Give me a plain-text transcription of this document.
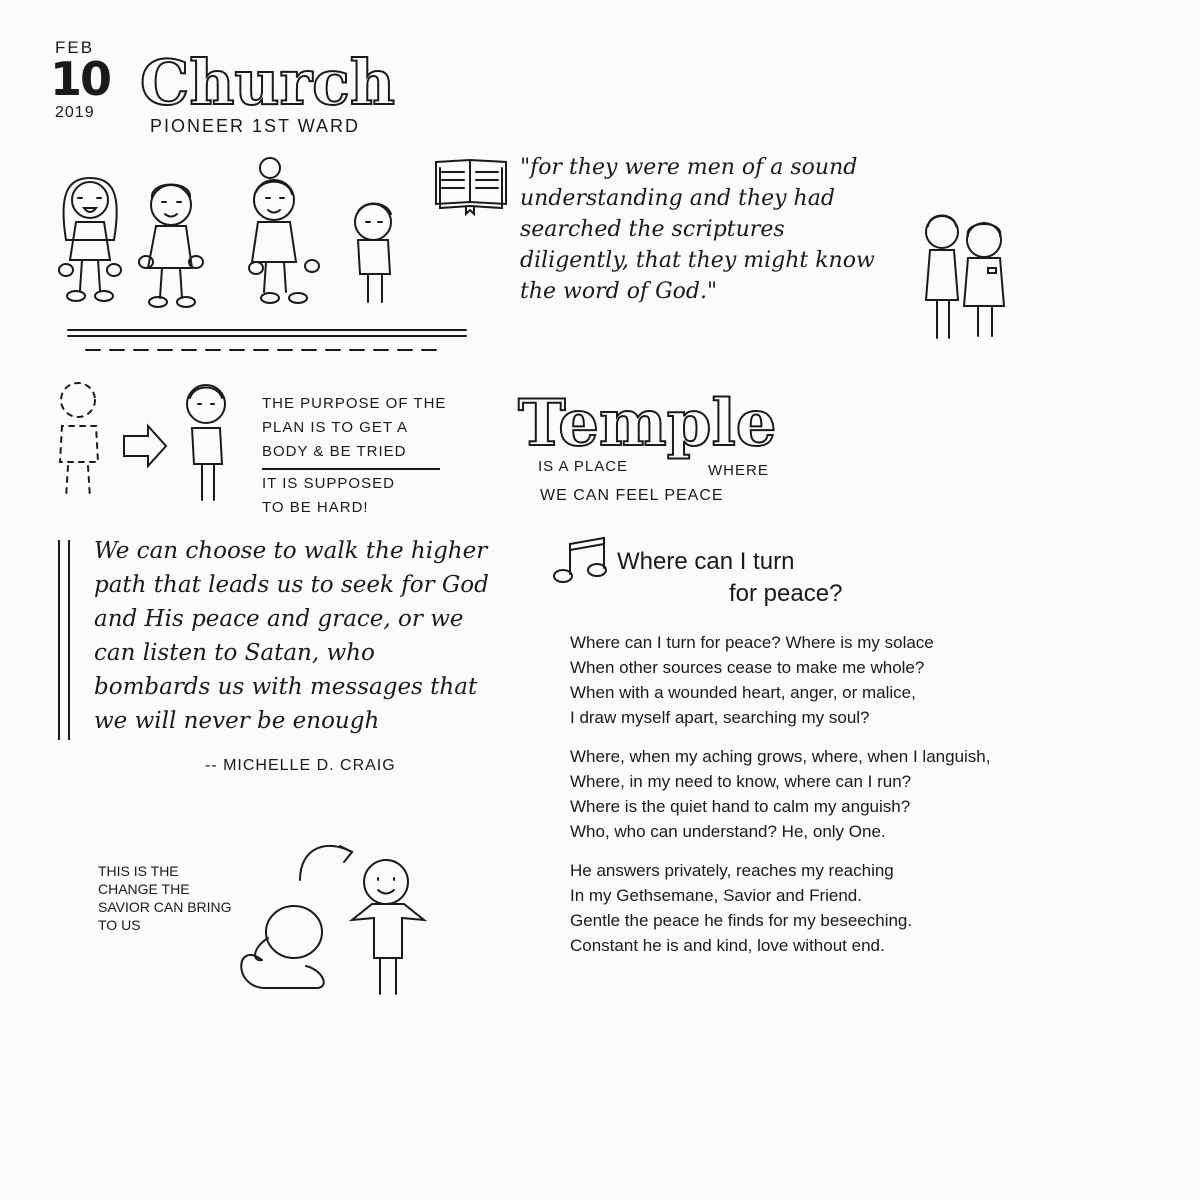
FEB
10
2019 Church
PIONEER 1ST WARD
"for they were men of a sound understanding and they had searched the scriptures diligently, that they might know the word of God."
THE PURPOSE OF THE
PLAN IS TO GET A
BODY & BE TRIED
IT IS SUPPOSED
TO BE HARD!
Temple
IS A PLACE	WHERE
WE CAN FEEL PEACE
We can choose to walk the higher path that leads us to seek for God and His peace and grace, or we can listen to Satan, who bombards us with messages that we will never be enough
-- MICHELLE D. CRAIG
THIS IS THE CHANGE THE SAVIOR CAN BRING TO US
Where can I turn
for peace?
Where can I turn for peace? Where is my solace
When other sources cease to make me whole?
When with a wounded heart, anger, or malice,
I draw myself apart, searching my soul?
Where, when my aching grows, where, when I languish,
Where, in my need to know, where can I run?
Where is the quiet hand to calm my anguish?
Who, who can understand? He, only One.
He answers privately, reaches my reaching
In my Gethsemane, Savior and Friend.
Gentle the peace he finds for my beseeching.
Constant he is and kind, love without end.
